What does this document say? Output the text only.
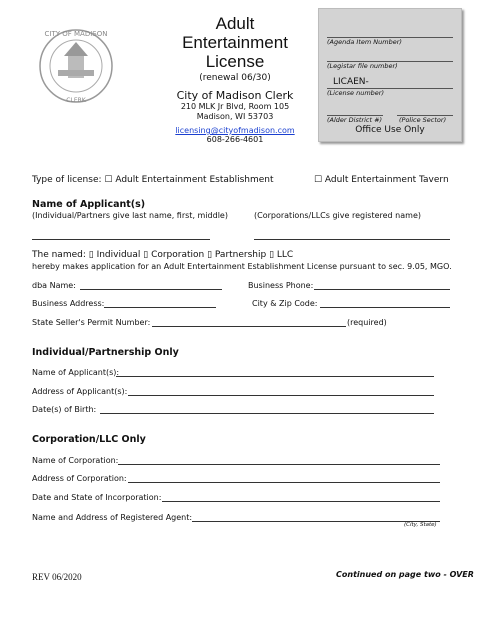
CITY OF MADISON
CLERK
Adult
Entertainment
License
(renewal 06/30)
City of Madison Clerk
210 MLK Jr Blvd, Room 105
Madison, WI 53703
licensing@cityofmadison.com
608-266-4601
(Agenda Item Number)
(Legistar file number)
LICAEN-
(License number)
(Alder District #)	(Police Sector)
Office Use Only
Type of license: ☐ Adult Entertainment Establishment	☐ Adult Entertainment Tavern
Name of Applicant(s)
(Individual/Partners give last name, first, middle)	(Corporations/LLCs give registered name)
The named: ▯ Individual ▯ Corporation ▯ Partnership ▯ LLC
hereby makes application for an Adult Entertainment Establishment License pursuant to sec. 9.05, MGO.
dba Name:	Business Phone:
Business Address:	City & Zip Code:
State Seller's Permit Number:	(required)
Individual/Partnership Only
Name of Applicant(s):
Address of Applicant(s):
Date(s) of Birth:
Corporation/LLC Only
Name of Corporation:
Address of Corporation:
Date and State of Incorporation:
Name and Address of Registered Agent:
(City, State)
REV 06/2020	Continued on page two - OVER
